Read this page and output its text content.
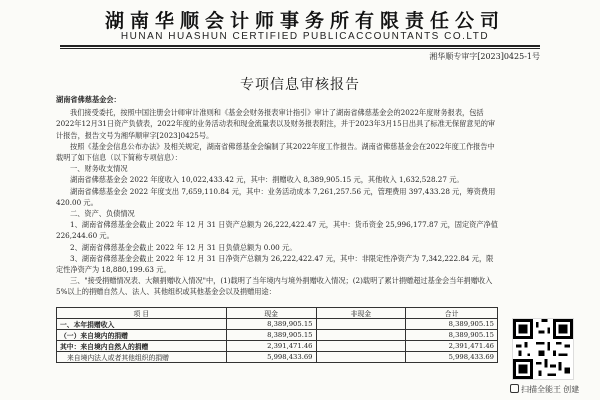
湖南华顺会计师事务所有限责任公司
HUNAN HUASHUN CERTIFIED PUBLICACCOUNTANTS CO.LTD
湘华顺专审字[2023]0425-1号
专项信息审核报告
湖南省佛慈基金会：
我们接受委托，按照中国注册会计师审计准则和《基金会财务报表审计指引》审计了湖南省佛慈基金会的2022年度财务报表，包括2022年12月31日资产负债表，2022年度的业务活动表和现金流量表以及财务报表附注，并于2023年3月15日出具了标准无保留意见的审计报告，报告文号为湘华顺审字[2023]0425号。
按照《基金会信息公布办法》及相关规定，湖南省佛慈基金会编制了其2022年度工作报告。湖南省佛慈基金会在2022年度工作报告中载明了如下信息（以下简称专项信息）：
一、财务收支情况
湖南省佛慈基金会 2022 年度收入 10,022,433.42 元，其中：捐赠收入 8,389,905.15 元，其他收入 1,632,528.27 元。
湖南省佛慈基金会 2022 年度支出 7,659,110.84 元，其中：业务活动成本 7,261,257.56 元，管理费用 397,433.28 元，筹资费用 420.00 元。
二、资产、负债情况
1、湖南省佛慈基金会截止 2022 年 12 月 31 日资产总额为 26,222,422.47 元，其中：货币资金 25,996,177.87 元，固定资产净值 226,244.60 元。
2、湖南省佛慈基金会截止 2022 年 12 月 31 日负债总额为 0.00 元。
3、湖南省佛慈基金会截止 2022 年 12 月 31 日净资产总额为 26,222,422.47 元，其中：非限定性净资产为 7,342,222.84 元，限定性净资产为 18,880,199.63 元。
三、"接受捐赠情况表、大额捐赠收入情况"中，(1)载明了当年境内与境外捐赠收入情况；(2)载明了累计捐赠超过基金会当年捐赠收入 5%以上的捐赠自然人、法人、其他组织或其他基金会以及捐赠用途：
项 目	现金	非现金	合计
一、本年捐赠收入	8,389,905.15		8,389,905.15
（一）来自境内的捐赠	8,389,905.15		8,389,905.15
其中：来自境内自然人的捐赠	2,391,471.46		2,391,471.46
来自境内法人或者其他组织的捐赠	5,998,433.69		5,998,433.69
扫描全能王 创建
